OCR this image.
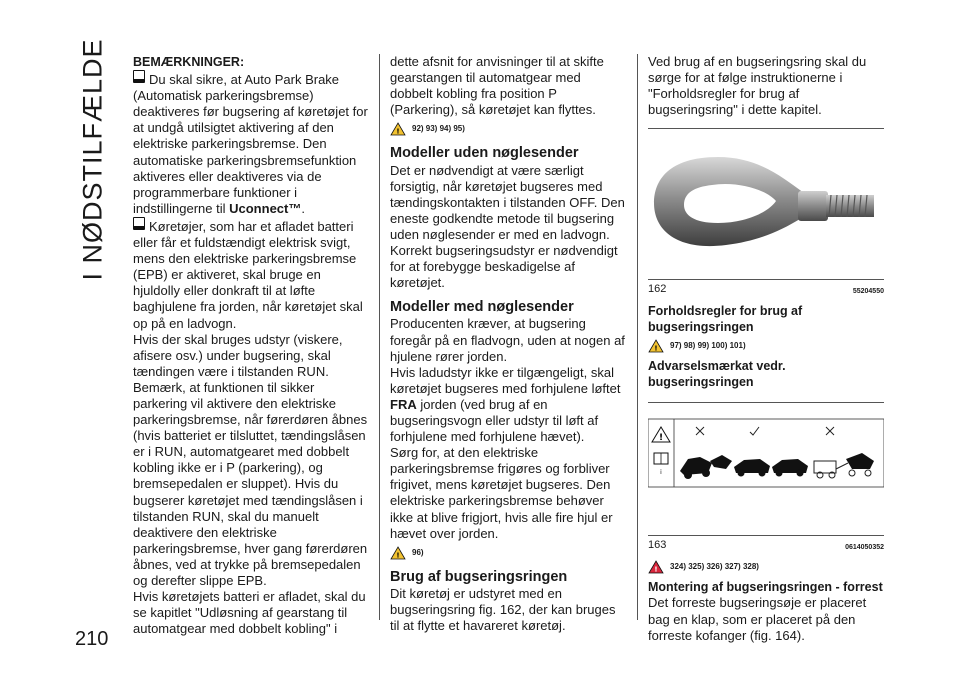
I NØDSTILFÆLDE
210

BEMÆRKNINGER:

Du skal sikre, at Auto Park Brake (Automatisk parkeringsbremse) deaktiveres før bugsering af køretøjet for at undgå utilsigtet aktivering af den elektriske parkeringsbremse. Den automatiske parkeringsbremsefunktion aktiveres eller deaktiveres via de programmerbare funktioner i indstillingerne til Uconnect™.

Køretøjer, som har et afladet batteri eller får et fuldstændigt elektrisk svigt, mens den elektriske parkeringsbremse (EPB) er aktiveret, skal bruge en hjuldolly eller donkraft til at løfte baghjulene fra jorden, når køretøjet skal op på en ladvogn.

Hvis der skal bruges udstyr (viskere, afisere osv.) under bugsering, skal tændingen være i tilstanden RUN.

Bemærk, at funktionen til sikker parkering vil aktivere den elektriske parkeringsbremse, når førerdøren åbnes (hvis batteriet er tilsluttet, tændingslåsen er i RUN, automatgearet med dobbelt kobling ikke er i P (parkering), og bremsepedalen er sluppet). Hvis du bugserer køretøjet med tændingslåsen i tilstanden RUN, skal du manuelt deaktivere den elektriske parkeringsbremse, hver gang førerdøren åbnes, ved at trykke på bremsepedalen og derefter slippe EPB.

Hvis køretøjets batteri er afladet, skal du se kapitlet "Udløsning af gearstang til automatgear med dobbelt kobling" i

dette afsnit for anvisninger til at skifte gearstangen til automatgear med dobbelt kobling fra position P (Parkering), så køretøjet kan flyttes.

! 92) 93) 94) 95)

Modeller uden nøglesender

Det er nødvendigt at være særligt forsigtig, når køretøjet bugseres med tændingskontakten i tilstanden OFF. Den eneste godkendte metode til bugsering uden nøglesender er med en ladvogn. Korrekt bugseringsudstyr er nødvendigt for at forebygge beskadigelse af køretøjet.

Modeller med nøglesender

Producenten kræver, at bugsering foregår på en fladvogn, uden at nogen af hjulene rører jorden.

Hvis ladudstyr ikke er tilgængeligt, skal køretøjet bugseres med forhjulene løftet FRA jorden (ved brug af en bugseringsvogn eller udstyr til løft af forhjulene med forhjulene hævet).

Sørg for, at den elektriske parkeringsbremse frigøres og forbliver frigivet, mens køretøjet bugseres. Den elektriske parkeringsbremse behøver ikke at blive frigjort, hvis alle fire hjul er hævet over jorden.

! 96)

Brug af bugseringsringen

Dit køretøj er udstyret med en bugseringsring fig. 162, der kan bruges til at flytte et havareret køretøj.

Ved brug af en bugseringsring skal du sørge for at følge instruktionerne i "Forholdsregler for brug af bugseringsring" i dette kapitel.

162	55204550

Forholdsregler for brug af bugseringsringen

! 97) 98) 99) 100) 101)

Advarselsmærkat vedr. bugseringsringen

!
i
163	0614050352

! 324) 325) 326) 327) 328)

Montering af bugseringsringen - forrest

Det forreste bugseringsøje er placeret bag en klap, som er placeret på den forreste kofanger (fig. 164).
